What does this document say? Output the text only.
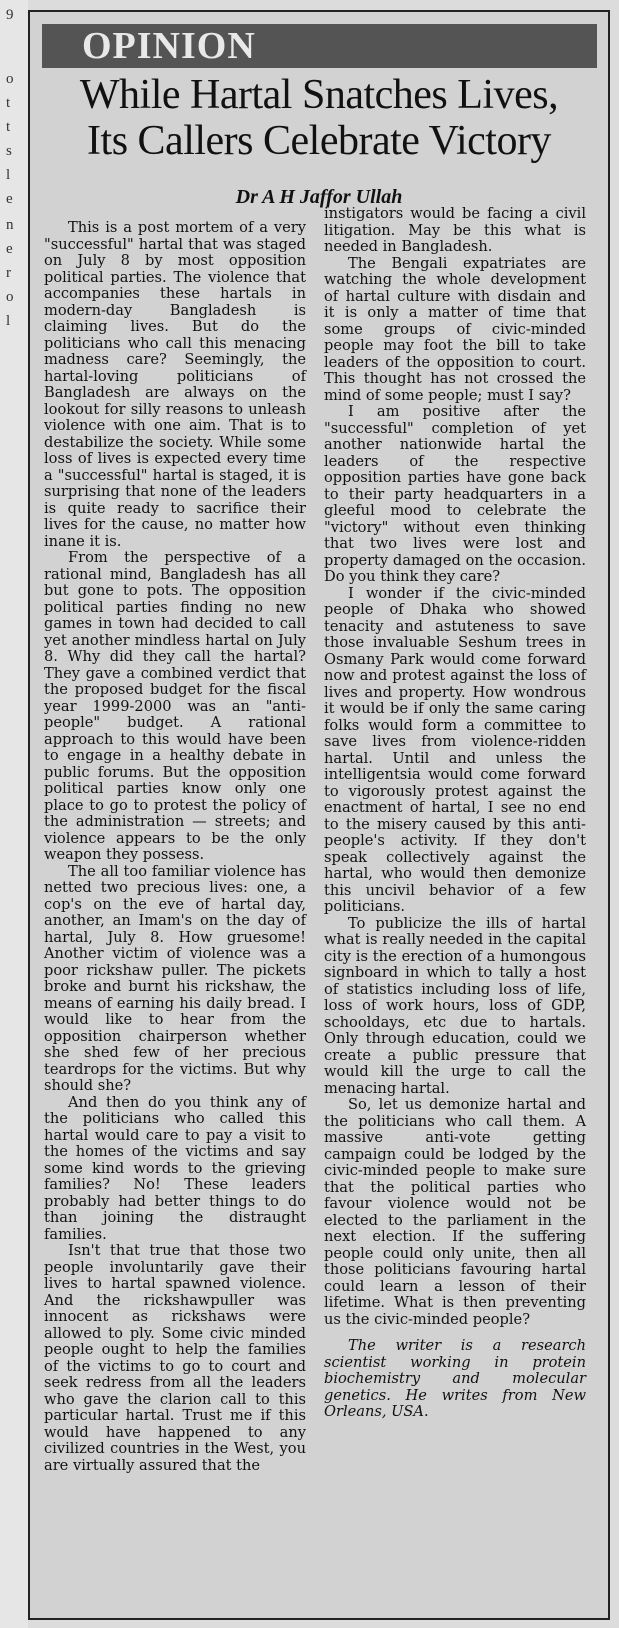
9
o
t
t
s
l
e
n
e
r
o
l
OPINION
While Hartal Snatches Lives,
Its Callers Celebrate Victory
Dr A H Jaffor Ullah

This is a post mortem of a very "successful" hartal that was staged on July 8 by most opposition political parties. The violence that accompanies these hartals in modern-day Bangladesh is claiming lives. But do the politicians who call this menacing madness care? Seemingly, the hartal-loving politicians of Bangladesh are always on the lookout for silly reasons to unleash violence with one aim. That is to destabilize the society. While some loss of lives is expected every time a "successful" hartal is staged, it is surprising that none of the leaders is quite ready to sacrifice their lives for the cause, no matter how inane it is.

From the perspective of a rational mind, Bangladesh has all but gone to pots. The opposition political parties finding no new games in town had decided to call yet another mindless hartal on July 8. Why did they call the hartal? They gave a combined verdict that the proposed budget for the fiscal year 1999-2000 was an "anti-people" budget. A rational approach to this would have been to engage in a healthy debate in public forums. But the opposition political parties know only one place to go to protest the policy of the administration — streets; and violence appears to be the only weapon they possess.

The all too familiar violence has netted two precious lives: one, a cop's on the eve of hartal day, another, an Imam's on the day of hartal, July 8. How gruesome! Another victim of violence was a poor rickshaw puller. The pickets broke and burnt his rickshaw, the means of earning his daily bread. I would like to hear from the opposition chairperson whether she shed few of her precious teardrops for the victims. But why should she?

And then do you think any of the politicians who called this hartal would care to pay a visit to the homes of the victims and say some kind words to the grieving families? No! These leaders probably had better things to do than joining the distraught families.

Isn't that true that those two people involuntarily gave their lives to hartal spawned violence. And the rickshawpuller was innocent as rickshaws were allowed to ply. Some civic minded people ought to help the families of the victims to go to court and seek redress from all the leaders who gave the clarion call to this particular hartal. Trust me if this would have happened to any civilized countries in the West, you are virtually assured that the

instigators would be facing a civil litigation. May be this what is needed in Bangladesh.

The Bengali expatriates are watching the whole development of hartal culture with disdain and it is only a matter of time that some groups of civic-minded people may foot the bill to take leaders of the opposition to court. This thought has not crossed the mind of some people; must I say?

I am positive after the "successful" completion of yet another nationwide hartal the leaders of the respective opposition parties have gone back to their party headquarters in a gleeful mood to celebrate the "victory" without even thinking that two lives were lost and property damaged on the occasion. Do you think they care?

I wonder if the civic-minded people of Dhaka who showed tenacity and astuteness to save those invaluable Seshum trees in Osmany Park would come forward now and protest against the loss of lives and property. How wondrous it would be if only the same caring folks would form a committee to save lives from violence-ridden hartal. Until and unless the intelligentsia would come forward to vigorously protest against the enactment of hartal, I see no end to the misery caused by this anti-people's activity. If they don't speak collectively against the hartal, who would then demonize this uncivil behavior of a few politicians.

To publicize the ills of hartal what is really needed in the capital city is the erection of a humongous signboard in which to tally a host of statistics including loss of life, loss of work hours, loss of GDP, schooldays, etc due to hartals. Only through education, could we create a public pressure that would kill the urge to call the menacing hartal.

So, let us demonize hartal and the politicians who call them. A massive anti-vote getting campaign could be lodged by the civic-minded people to make sure that the political parties who favour violence would not be elected to the parliament in the next election. If the suffering people could only unite, then all those politicians favouring hartal could learn a lesson of their lifetime. What is then preventing us the civic-minded people?

The writer is a research scientist working in protein biochemistry and molecular genetics. He writes from New Orleans, USA.
